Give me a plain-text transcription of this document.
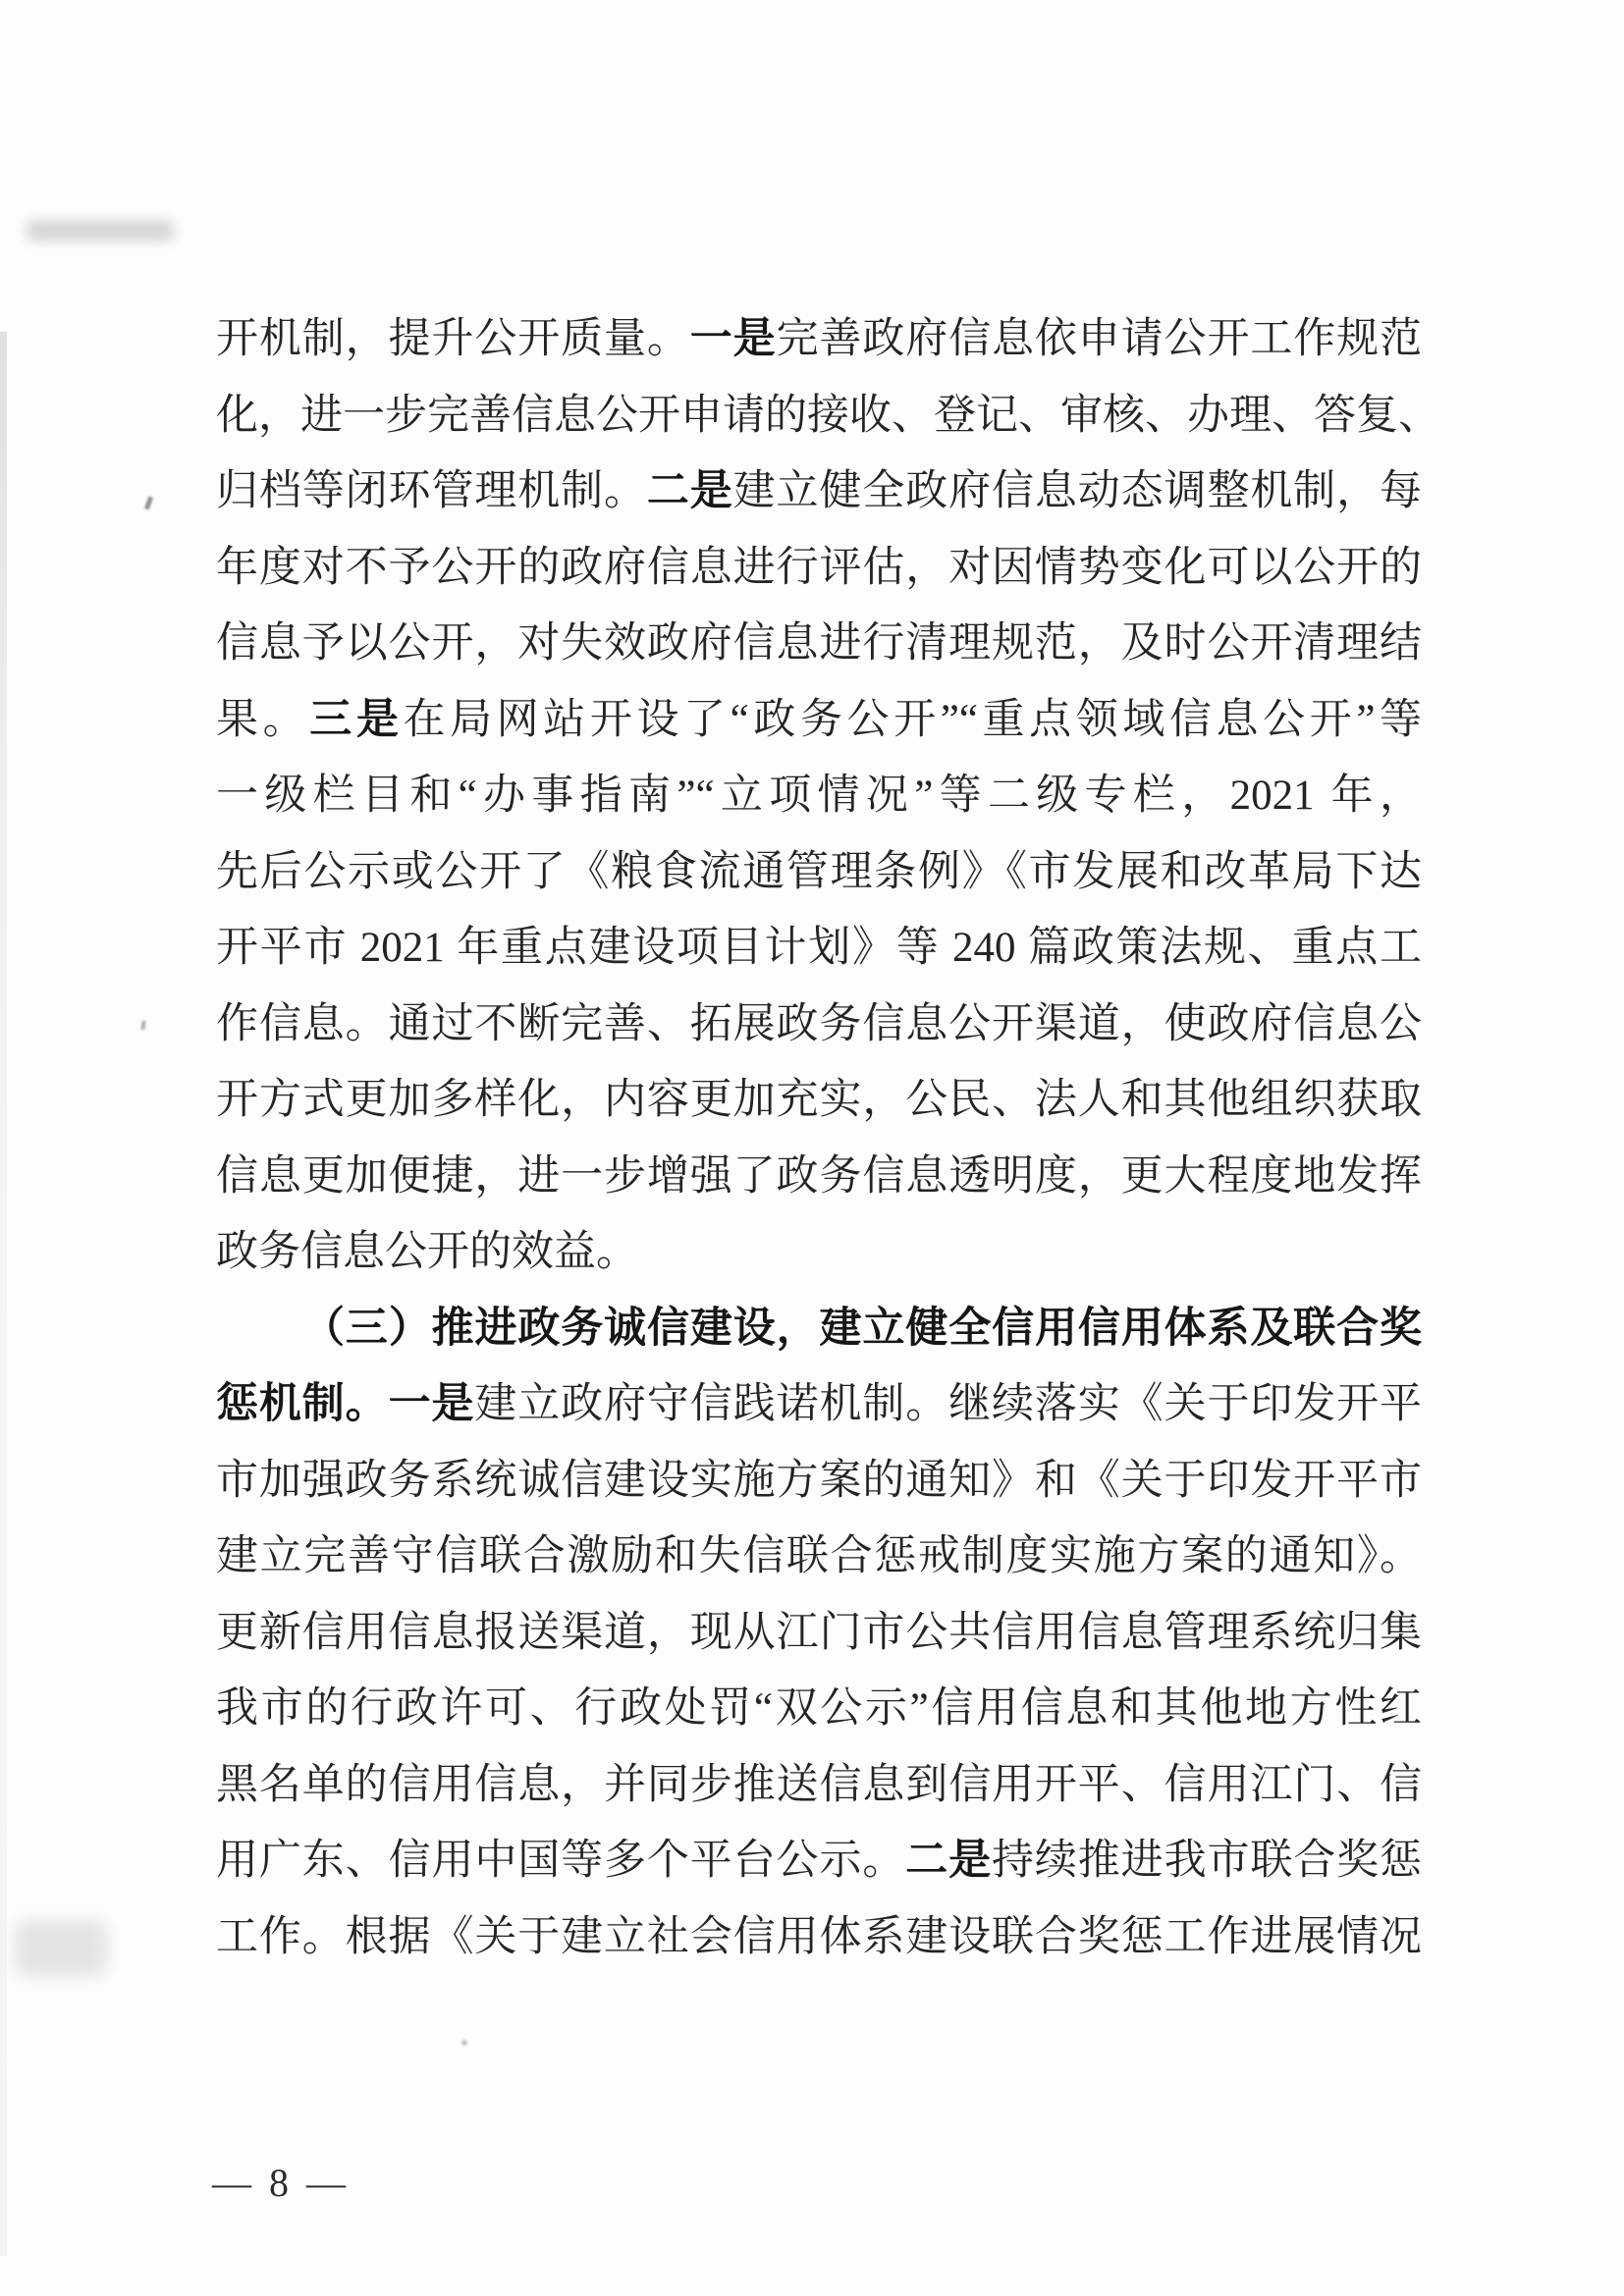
开机制，提升公开质量。一是完善政府信息依申请公开工作规范
化，进一步完善信息公开申请的接收、登记、审核、办理、答复、
归档等闭环管理机制。二是建立健全政府信息动态调整机制，每
年度对不予公开的政府信息进行评估，对因情势变化可以公开的
信息予以公开，对失效政府信息进行清理规范，及时公开清理结
果。三是在局网站开设了“政务公开”“重点领域信息公开”等
一级栏目和“办事指南”“立项情况”等二级专栏，2021 年，
先后公示或公开了《粮食流通管理条例》《市发展和改革局下达
开平市 2021 年重点建设项目计划》等 240 篇政策法规、重点工
作信息。通过不断完善、拓展政务信息公开渠道，使政府信息公
开方式更加多样化，内容更加充实，公民、法人和其他组织获取
信息更加便捷，进一步增强了政务信息透明度，更大程度地发挥
政务信息公开的效益。
（三）推进政务诚信建设，建立健全信用信用体系及联合奖
惩机制。一是建立政府守信践诺机制。继续落实《关于印发开平
市加强政务系统诚信建设实施方案的通知》和《关于印发开平市
建立完善守信联合激励和失信联合惩戒制度实施方案的通知》。
更新信用信息报送渠道，现从江门市公共信用信息管理系统归集
我市的行政许可、行政处罚“双公示”信用信息和其他地方性红
黑名单的信用信息，并同步推送信息到信用开平、信用江门、信
用广东、信用中国等多个平台公示。二是持续推进我市联合奖惩
工作。根据《关于建立社会信用体系建设联合奖惩工作进展情况
— 8 —
